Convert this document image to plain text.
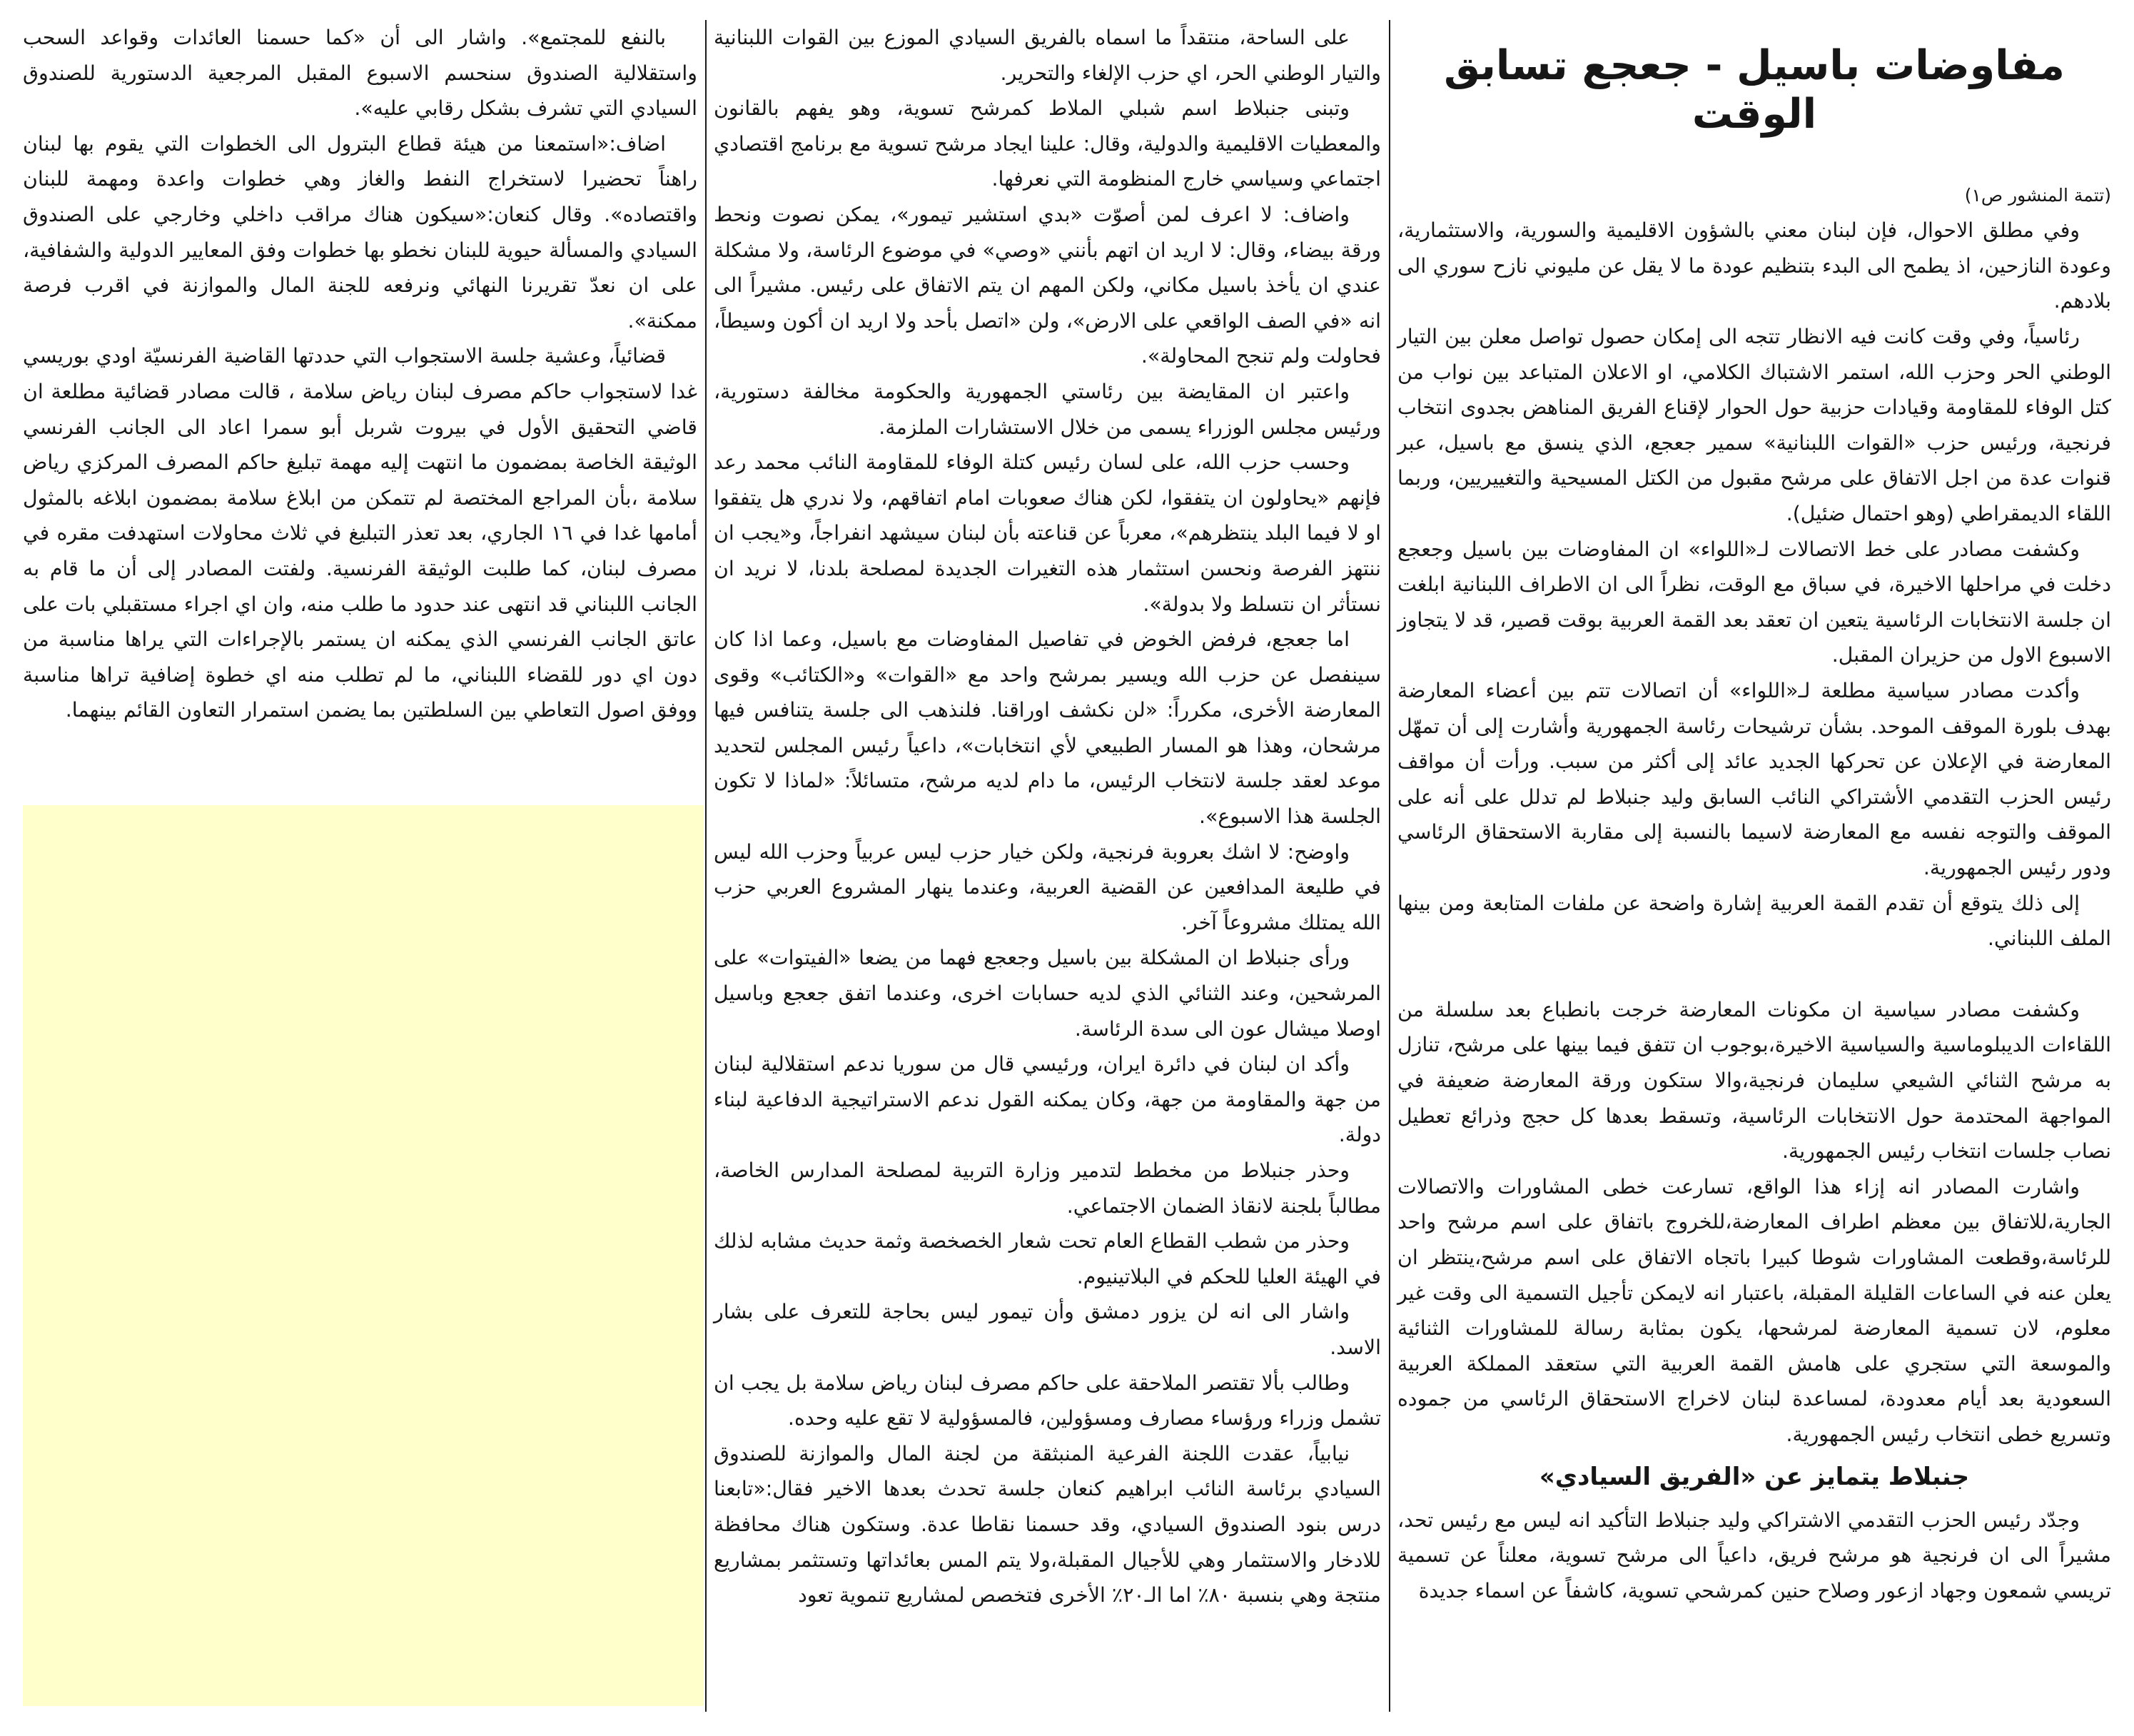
مفاوضات باسيل - جعجع تسابق الوقت
(تتمة المنشور ص١)

وفي مطلق الاحوال، فإن لبنان معني بالشؤون الاقليمية والسورية، والاستثمارية، وعودة النازحين، اذ يطمح الى البدء بتنظيم عودة ما لا يقل عن مليوني نازح سوري الى بلادهم.

رئاسياً، وفي وقت كانت فيه الانظار تتجه الى إمكان حصول تواصل معلن بين التيار الوطني الحر وحزب الله، استمر الاشتباك الكلامي، او الاعلان المتباعد بين نواب من كتل الوفاء للمقاومة وقيادات حزبية حول الحوار لإقناع الفريق المناهض بجدوى انتخاب فرنجية، ورئيس حزب «القوات اللبنانية» سمير جعجع، الذي ينسق مع باسيل، عبر قنوات عدة من اجل الاتفاق على مرشح مقبول من الكتل المسيحية والتغييريين، وربما اللقاء الديمقراطي (وهو احتمال ضئيل).

وكشفت مصادر على خط الاتصالات لـ«اللواء» ان المفاوضات بين باسيل وجعجع دخلت في مراحلها الاخيرة، في سباق مع الوقت، نظراً الى ان الاطراف اللبنانية ابلغت ان جلسة الانتخابات الرئاسية يتعين ان تعقد بعد القمة العربية بوقت قصير، قد لا يتجاوز الاسبوع الاول من حزيران المقبل.

وأكدت مصادر سياسية مطلعة لـ«اللواء» أن اتصالات تتم بين أعضاء المعارضة بهدف بلورة الموقف الموحد. بشأن ترشيحات رئاسة الجمهورية وأشارت إلى أن تمهّل المعارضة في الإعلان عن تحركها الجديد عائد إلى أكثر من سبب. ورأت أن مواقف رئيس الحزب التقدمي الأشتراكي النائب السابق وليد جنبلاط لم تدلل على أنه على الموقف والتوجه نفسه مع المعارضة لاسيما بالنسبة إلى مقاربة الاستحقاق الرئاسي ودور رئيس الجمهورية.

إلى ذلك يتوقع أن تقدم القمة العربية إشارة واضحة عن ملفات المتابعة ومن بينها الملف اللبناني.

وكشفت مصادر سياسية ان مكونات المعارضة خرجت بانطباع بعد سلسلة من اللقاءات الديبلوماسية والسياسية الاخيرة،بوجوب ان تتفق فيما بينها على مرشح، تنازل به مرشح الثنائي الشيعي سليمان فرنجية،والا ستكون ورقة المعارضة ضعيفة في المواجهة المحتدمة حول الانتخابات الرئاسية، وتسقط بعدها كل حجج وذرائع تعطيل نصاب جلسات انتخاب رئيس الجمهورية.

واشارت المصادر انه إزاء هذا الواقع، تسارعت خطى المشاورات والاتصالات الجارية،للاتفاق بين معظم اطراف المعارضة،للخروج باتفاق على اسم مرشح واحد للرئاسة،وقطعت المشاورات شوطا كبيرا باتجاه الاتفاق على اسم مرشح،ينتظر ان يعلن عنه في الساعات القليلة المقبلة، باعتبار انه لايمكن تأجيل التسمية الى وقت غير معلوم، لان تسمية المعارضة لمرشحها، يكون بمثابة رسالة للمشاورات الثنائية والموسعة التي ستجري على هامش القمة العربية التي ستعقد المملكة العربية السعودية بعد أيام معدودة، لمساعدة لبنان لاخراج الاستحقاق الرئاسي من جموده وتسريع خطى انتخاب رئيس الجمهورية.

جنبلاط يتمايز عن «الفريق السيادي»

وجدّد رئيس الحزب التقدمي الاشتراكي وليد جنبلاط التأكيد انه ليس مع رئيس تحد، مشيراً الى ان فرنجية هو مرشح فريق، داعياً الى مرشح تسوية، معلناً عن تسمية تريسي شمعون وجهاد ازعور وصلاح حنين كمرشحي تسوية، كاشفاً عن اسماء جديدة

على الساحة، منتقداً ما اسماه بالفريق السيادي الموزع بين القوات اللبنانية والتيار الوطني الحر، اي حزب الإلغاء والتحرير.

وتبنى جنبلاط اسم شبلي الملاط كمرشح تسوية، وهو يفهم بالقانون والمعطيات الاقليمية والدولية، وقال: علينا ايجاد مرشح تسوية مع برنامج اقتصادي اجتماعي وسياسي خارج المنظومة التي نعرفها.

واضاف: لا اعرف لمن أصوّت «بدي استشير تيمور»، يمكن نصوت ونحط ورقة بيضاء، وقال: لا اريد ان اتهم بأنني «وصي» في موضوع الرئاسة، ولا مشكلة عندي ان يأخذ باسيل مكاني، ولكن المهم ان يتم الاتفاق على رئيس. مشيراً الى انه «في الصف الواقعي على الارض»، ولن «اتصل بأحد ولا اريد ان أكون وسيطاً، فحاولت ولم تنجح المحاولة».

واعتبر ان المقايضة بين رئاستي الجمهورية والحكومة مخالفة دستورية، ورئيس مجلس الوزراء يسمى من خلال الاستشارات الملزمة.

وحسب حزب الله، على لسان رئيس كتلة الوفاء للمقاومة النائب محمد رعد فإنهم «يحاولون ان يتفقوا، لكن هناك صعوبات امام اتفاقهم، ولا ندري هل يتفقوا او لا فيما البلد ينتظرهم»، معرباً عن قناعته بأن لبنان سيشهد انفراجاً، و«يجب ان ننتهز الفرصة ونحسن استثمار هذه التغيرات الجديدة لمصلحة بلدنا، لا نريد ان نستأثر ان نتسلط ولا بدولة».

اما جعجع، فرفض الخوض في تفاصيل المفاوضات مع باسيل، وعما اذا كان سينفصل عن حزب الله ويسير بمرشح واحد مع «القوات» و«الكتائب» وقوى المعارضة الأخرى، مكرراً: «لن نكشف اوراقنا. فلنذهب الى جلسة يتنافس فيها مرشحان، وهذا هو المسار الطبيعي لأي انتخابات»، داعياً رئيس المجلس لتحديد موعد لعقد جلسة لانتخاب الرئيس، ما دام لديه مرشح، متسائلاً: «لماذا لا تكون الجلسة هذا الاسبوع».

واوضح: لا اشك بعروبة فرنجية، ولكن خيار حزب ليس عربياً وحزب الله ليس في طليعة المدافعين عن القضية العربية، وعندما ينهار المشروع العربي حزب الله يمتلك مشروعاً آخر.

ورأى جنبلاط ان المشكلة بين باسيل وجعجع فهما من يضعا «الفيتوات» على المرشحين، وعند الثنائي الذي لديه حسابات اخرى، وعندما اتفق جعجع وباسيل اوصلا ميشال عون الى سدة الرئاسة.

وأكد ان لبنان في دائرة ايران، ورئيسي قال من سوريا ندعم استقلالية لبنان من جهة والمقاومة من جهة، وكان يمكنه القول ندعم الاستراتيجية الدفاعية لبناء دولة.

وحذر جنبلاط من مخطط لتدمير وزارة التربية لمصلحة المدارس الخاصة، مطالباً بلجنة لانقاذ الضمان الاجتماعي.

وحذر من شطب القطاع العام تحت شعار الخصخصة وثمة حديث مشابه لذلك في الهيئة العليا للحكم في البلاتينيوم.

واشار الى انه لن يزور دمشق وأن تيمور ليس بحاجة للتعرف على بشار الاسد.

وطالب بألا تقتصر الملاحقة على حاكم مصرف لبنان رياض سلامة بل يجب ان تشمل وزراء ورؤساء مصارف ومسؤولين، فالمسؤولية لا تقع عليه وحده.

نيابياً، عقدت اللجنة الفرعية المنبثقة من لجنة المال والموازنة للصندوق السيادي برئاسة النائب ابراهيم كنعان جلسة تحدث بعدها الاخير فقال:«تابعنا درس بنود الصندوق السيادي، وقد حسمنا نقاطا عدة. وستكون هناك محافظة للادخار والاستثمار وهي للأجيال المقبلة،ولا يتم المس بعائداتها وتستثمر بمشاريع منتجة وهي بنسبة ٨٠٪ اما الـ٢٠٪ الأخرى فتخصص لمشاريع تنموية تعود

بالنفع للمجتمع». واشار الى أن «كما حسمنا العائدات وقواعد السحب واستقلالية الصندوق سنحسم الاسبوع المقبل المرجعية الدستورية للصندوق السيادي التي تشرف بشكل رقابي عليه».

اضاف:«استمعنا من هيئة قطاع البترول الى الخطوات التي يقوم بها لبنان راهناً تحضيرا لاستخراج النفط والغاز وهي خطوات واعدة ومهمة للبنان واقتصاده». وقال كنعان:«سيكون هناك مراقب داخلي وخارجي على الصندوق السيادي والمسألة حيوية للبنان نخطو بها خطوات وفق المعايير الدولية والشفافية، على ان نعدّ تقريرنا النهائي ونرفعه للجنة المال والموازنة في اقرب فرصة ممكنة».

قضائياً، وعشية جلسة الاستجواب التي حددتها القاضية الفرنسيّة اودي بوريسي غدا لاستجواب حاكم مصرف لبنان رياض سلامة ، قالت مصادر قضائية مطلعة ان قاضي التحقيق الأول في بيروت شربل أبو سمرا اعاد الى الجانب الفرنسي الوثيقة الخاصة بمضمون ما انتهت إليه مهمة تبليغ حاكم المصرف المركزي رياض سلامة ،بأن المراجع المختصة لم تتمكن من ابلاغ سلامة بمضمون ابلاغه بالمثول أمامها غدا في ١٦ الجاري، بعد تعذر التبليغ في ثلاث محاولات استهدفت مقره في مصرف لبنان، كما طلبت الوثيقة الفرنسية. ولفتت المصادر إلى أن ما قام به الجانب اللبناني قد انتهى عند حدود ما طلب منه، وان اي اجراء مستقبلي بات على عاتق الجانب الفرنسي الذي يمكنه ان يستمر بالإجراءات التي يراها مناسبة من دون اي دور للقضاء اللبناني، ما لم تطلب منه اي خطوة إضافية تراها مناسبة ووفق اصول التعاطي بين السلطتين بما يضمن استمرار التعاون القائم بينهما.
